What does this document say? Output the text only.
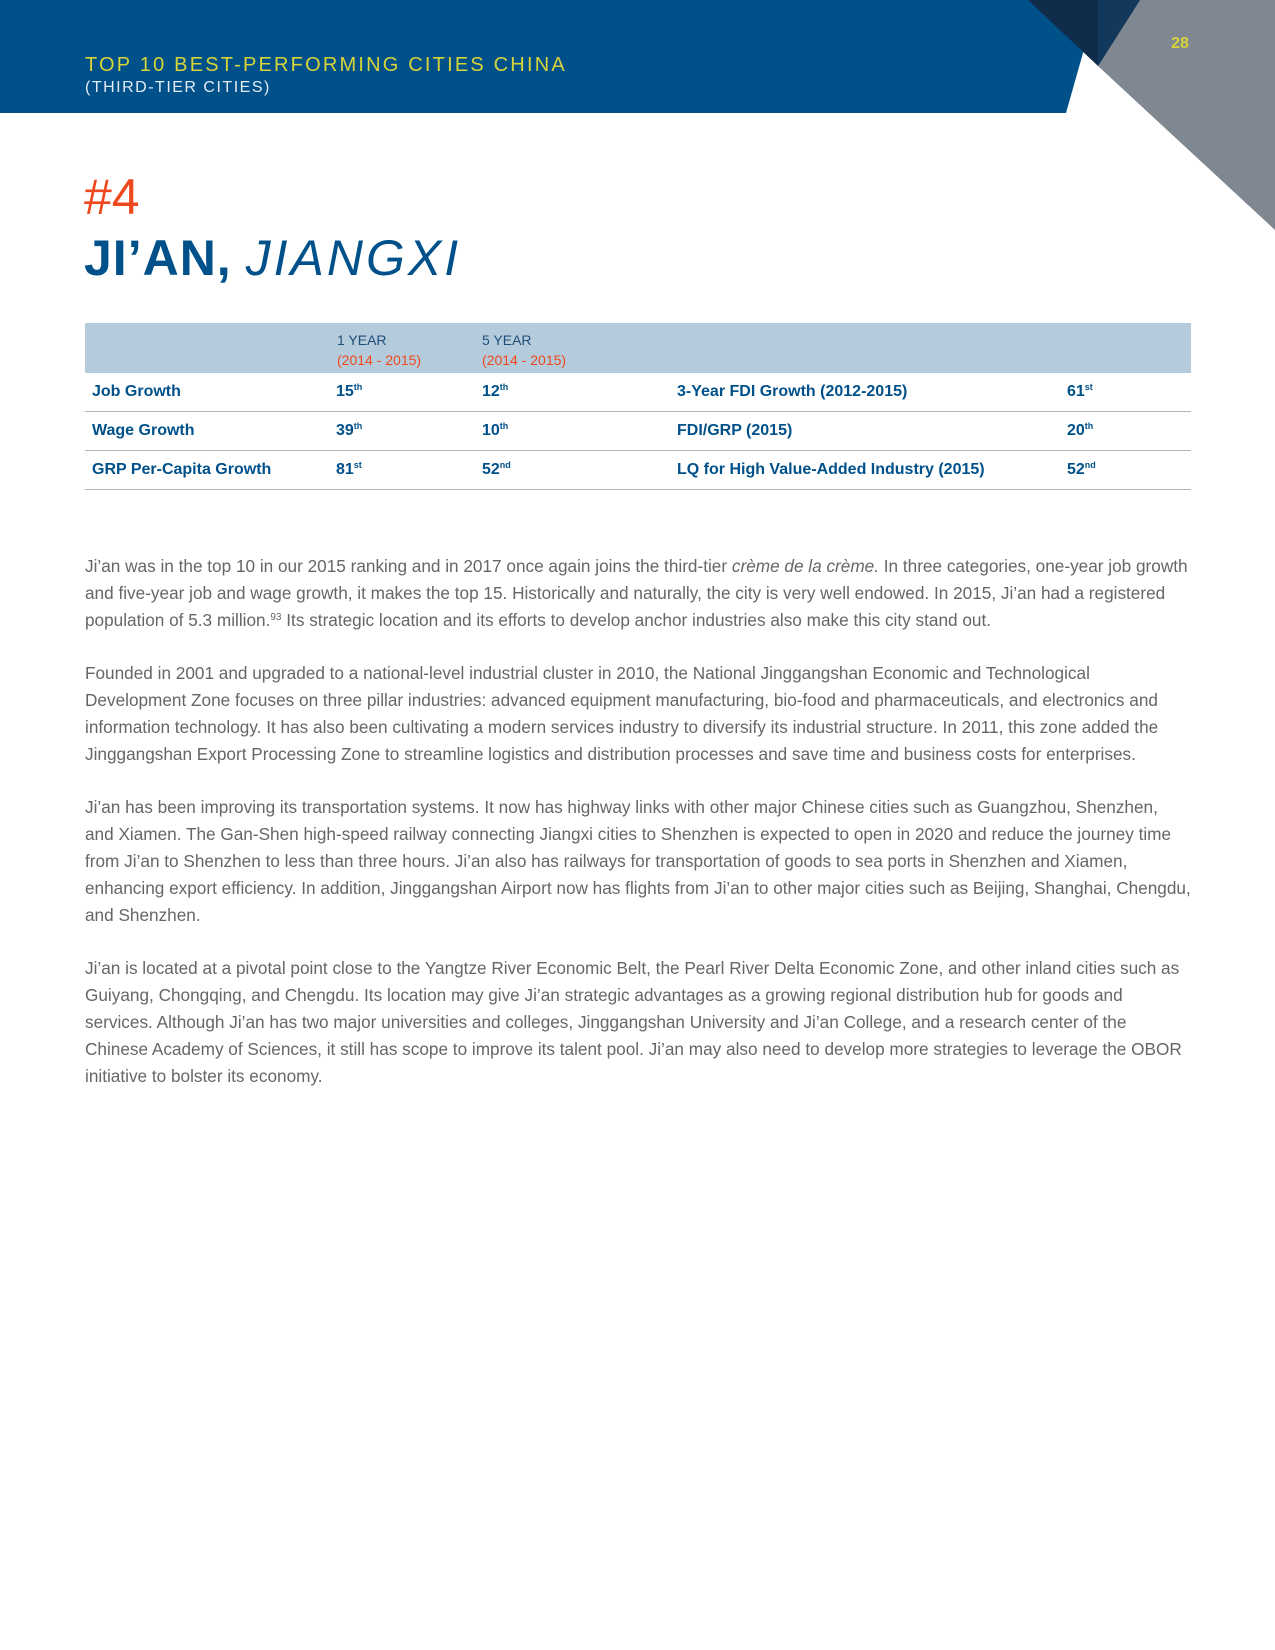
TOP 10 BEST-PERFORMING CITIES CHINA
(THIRD-TIER CITIES)
28
#4
JI’AN, JIANGXI
1 YEAR
(2014 - 2015)
5 YEAR
(2014 - 2015)
Job Growth	15th	12th	3-Year FDI Growth (2012-2015)	61st
Wage Growth	39th	10th	FDI/GRP (2015)	20th
GRP Per-Capita Growth	81st	52nd	LQ for High Value-Added Industry (2015)	52nd

Ji’an was in the top 10 in our 2015 ranking and in 2017 once again joins the third-tier crème de la crème. In three categories, one-year job growth and five-year job and wage growth, it makes the top 15. Historically and naturally, the city is very well endowed. In 2015, Ji’an had a registered population of 5.3 million.$^{93}$ Its strategic location and its efforts to develop anchor industries also make this city stand out.

Founded in 2001 and upgraded to a national-level industrial cluster in 2010, the National Jinggangshan Economic and Technological Development Zone focuses on three pillar industries: advanced equipment manufacturing, bio-food and pharmaceuticals, and electronics and information technology. It has also been cultivating a modern services industry to diversify its industrial structure. In 2011, this zone added the Jinggangshan Export Processing Zone to streamline logistics and distribution processes and save time and business costs for enterprises.

Ji’an has been improving its transportation systems. It now has highway links with other major Chinese cities such as Guangzhou, Shenzhen, and Xiamen. The Gan-Shen high-speed railway connecting Jiangxi cities to Shenzhen is expected to open in 2020 and reduce the journey time from Ji’an to Shenzhen to less than three hours. Ji’an also has railways for transportation of goods to sea ports in Shenzhen and Xiamen, enhancing export efficiency. In addition, Jinggangshan Airport now has flights from Ji’an to other major cities such as Beijing, Shanghai, Chengdu, and Shenzhen.

Ji’an is located at a pivotal point close to the Yangtze River Economic Belt, the Pearl River Delta Economic Zone, and other inland cities such as Guiyang, Chongqing, and Chengdu. Its location may give Ji’an strategic advantages as a growing regional distribution hub for goods and services. Although Ji’an has two major universities and colleges, Jinggangshan University and Ji’an College, and a research center of the Chinese Academy of Sciences, it still has scope to improve its talent pool. Ji’an may also need to develop more strategies to leverage the OBOR initiative to bolster its economy.
